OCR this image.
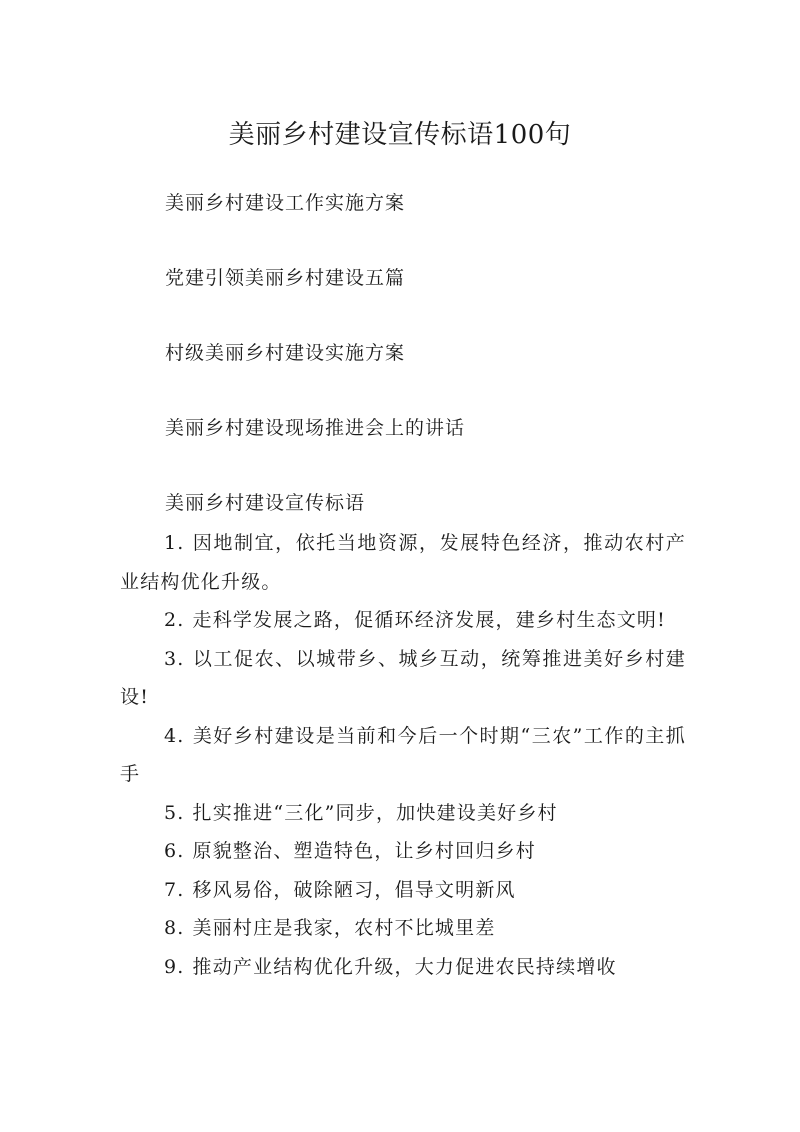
美丽乡村建设宣传标语100句
美丽乡村建设工作实施方案
党建引领美丽乡村建设五篇
村级美丽乡村建设实施方案
美丽乡村建设现场推进会上的讲话
美丽乡村建设宣传标语
1. 因地制宜，依托当地资源，发展特色经济，推动农村产业结构优化升级。
2. 走科学发展之路，促循环经济发展，建乡村生态文明!
3. 以工促农、以城带乡、城乡互动，统筹推进美好乡村建设!
4. 美好乡村建设是当前和今后一个时期“三农”工作的主抓手
5. 扎实推进“三化”同步，加快建设美好乡村
6. 原貌整治、塑造特色，让乡村回归乡村
7. 移风易俗，破除陋习，倡导文明新风
8. 美丽村庄是我家，农村不比城里差
9. 推动产业结构优化升级，大力促进农民持续增收
